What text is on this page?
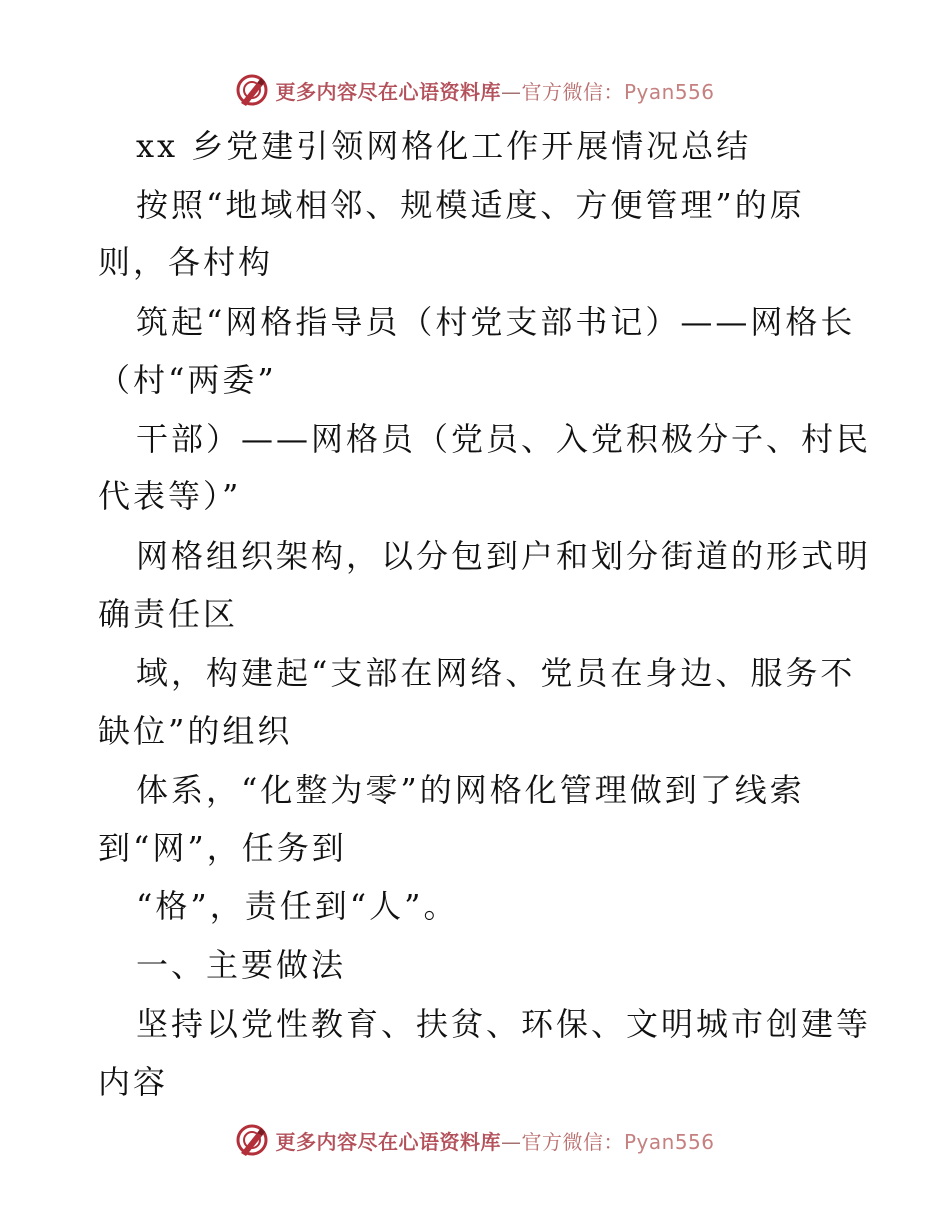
更多内容尽在心语资料库—官方微信：Pyan556
xx 乡党建引领网格化工作开展情况总结
按照“地域相邻、规模适度、方便管理”的原
则，各村构
筑起“网格指导员（村党支部书记）——网格长
（村“两委”
干部）——网格员（党员、入党积极分子、村民
代表等）”
网格组织架构，以分包到户和划分街道的形式明
确责任区
域，构建起“支部在网络、党员在身边、服务不
缺位”的组织
体系，“化整为零”的网格化管理做到了线索
到“网”，任务到
“格”，责任到“人”。
一、主要做法
坚持以党性教育、扶贫、环保、文明城市创建等
内容
更多内容尽在心语资料库—官方微信：Pyan556
